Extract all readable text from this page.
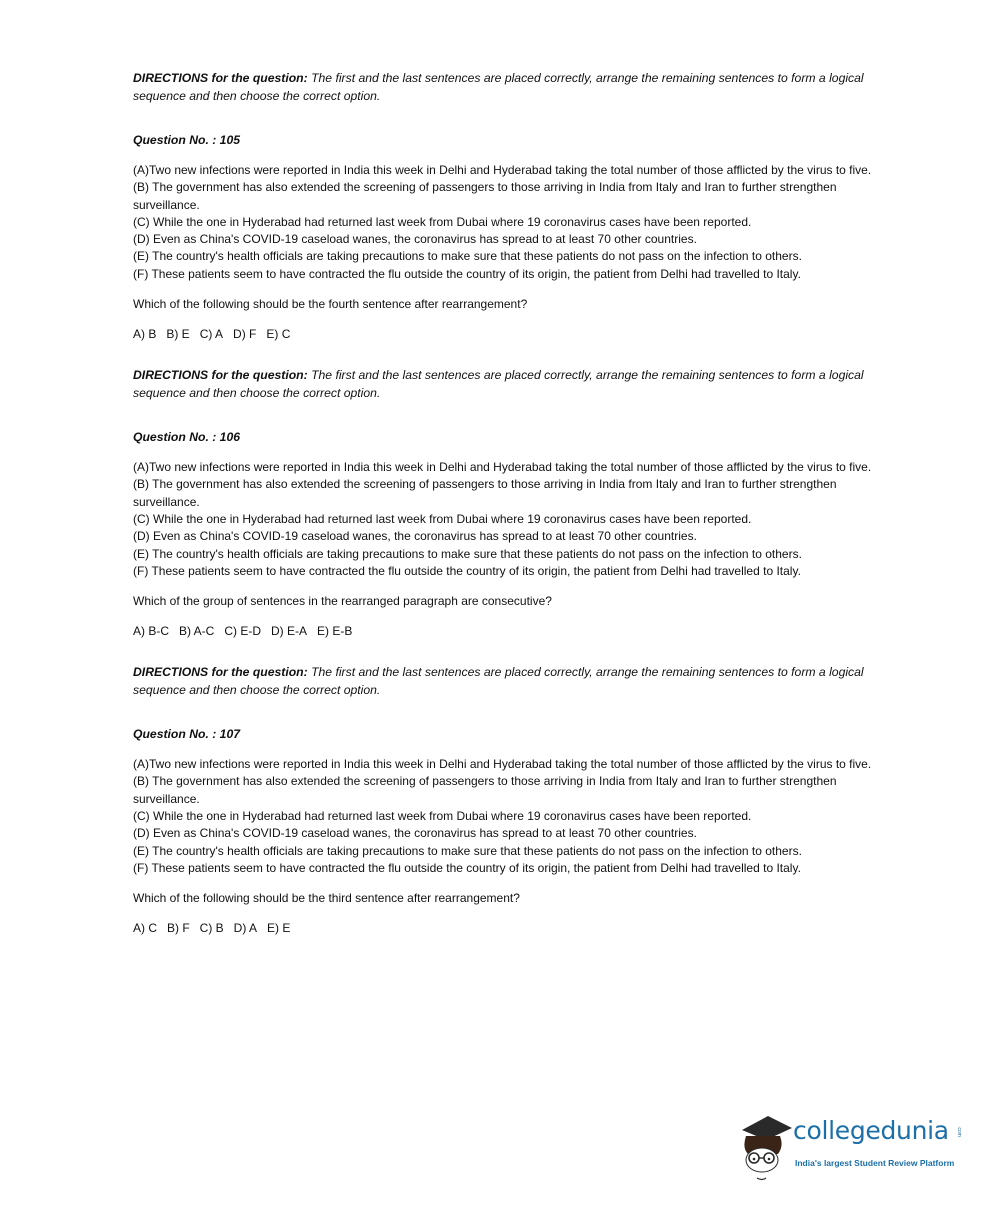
DIRECTIONS for the question: The first and the last sentences are placed correctly, arrange the remaining sentences to form a logical sequence and then choose the correct option.

Question No. : 105

(A)Two new infections were reported in India this week in Delhi and Hyderabad taking the total number of those afflicted by the virus to five.
(B) The government has also extended the screening of passengers to those arriving in India from Italy and Iran to further strengthen surveillance.
(C) While the one in Hyderabad had returned last week from Dubai where 19 coronavirus cases have been reported.
(D) Even as China's COVID-19 caseload wanes, the coronavirus has spread to at least 70 other countries.
(E) The country's health officials are taking precautions to make sure that these patients do not pass on the infection to others.
(F) These patients seem to have contracted the flu outside the country of its origin, the patient from Delhi had travelled to Italy.

Which of the following should be the fourth sentence after rearrangement?

A) B B) E C) A D) F E) C

DIRECTIONS for the question: The first and the last sentences are placed correctly, arrange the remaining sentences to form a logical sequence and then choose the correct option.

Question No. : 106

(A)Two new infections were reported in India this week in Delhi and Hyderabad taking the total number of those afflicted by the virus to five.
(B) The government has also extended the screening of passengers to those arriving in India from Italy and Iran to further strengthen surveillance.
(C) While the one in Hyderabad had returned last week from Dubai where 19 coronavirus cases have been reported.
(D) Even as China's COVID-19 caseload wanes, the coronavirus has spread to at least 70 other countries.
(E) The country's health officials are taking precautions to make sure that these patients do not pass on the infection to others.
(F) These patients seem to have contracted the flu outside the country of its origin, the patient from Delhi had travelled to Italy.

Which of the group of sentences in the rearranged paragraph are consecutive?

A) B-C B) A-C C) E-D D) E-A E) E-B

DIRECTIONS for the question: The first and the last sentences are placed correctly, arrange the remaining sentences to form a logical sequence and then choose the correct option.

Question No. : 107

(A)Two new infections were reported in India this week in Delhi and Hyderabad taking the total number of those afflicted by the virus to five.
(B) The government has also extended the screening of passengers to those arriving in India from Italy and Iran to further strengthen surveillance.
(C) While the one in Hyderabad had returned last week from Dubai where 19 coronavirus cases have been reported.
(D) Even as China's COVID-19 caseload wanes, the coronavirus has spread to at least 70 other countries.
(E) The country's health officials are taking precautions to make sure that these patients do not pass on the infection to others.
(F) These patients seem to have contracted the flu outside the country of its origin, the patient from Delhi had travelled to Italy.

Which of the following should be the third sentence after rearrangement?

A) C B) F C) B D) A E) E
collegedunia .com
India's largest Student Review Platform
